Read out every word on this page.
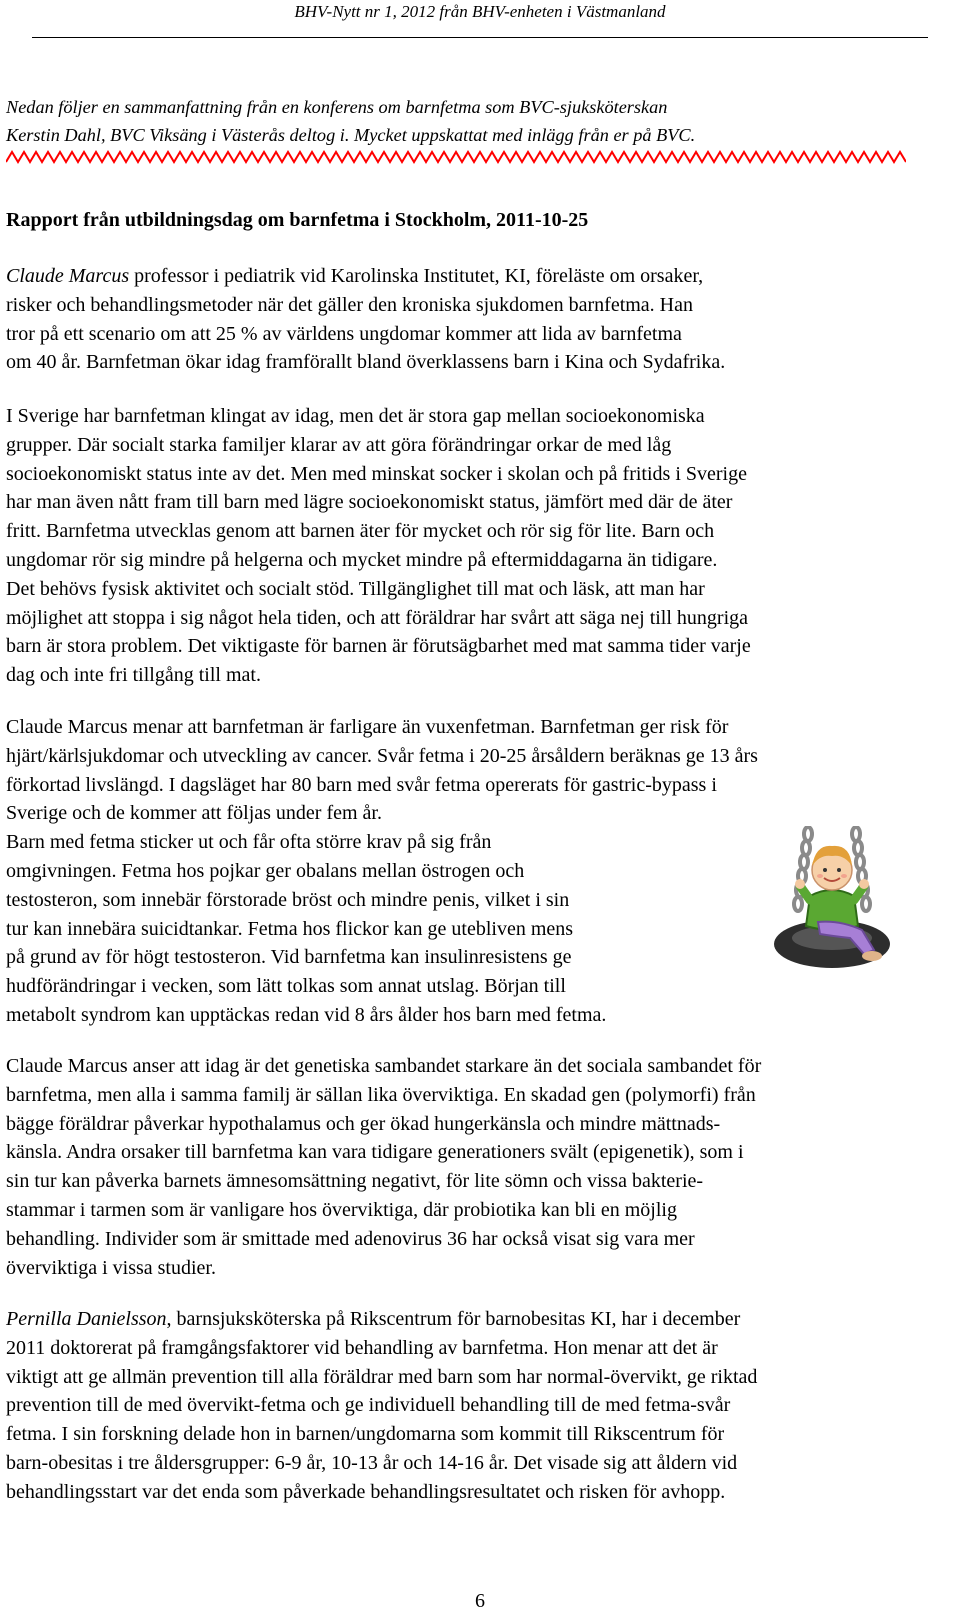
BHV-Nytt nr 1, 2012 från BHV-enheten i Västmanland

Nedan följer en sammanfattning från en konferens om barnfetma som BVC-sjuksköterskan
Kerstin Dahl, BVC Viksäng i Västerås deltog i. Mycket uppskattat med inlägg från er på BVC.

Rapport från utbildningsdag om barnfetma i Stockholm, 2011-10-25

Claude Marcus professor i pediatrik vid Karolinska Institutet, KI, föreläste om orsaker,
risker och behandlingsmetoder när det gäller den kroniska sjukdomen barnfetma. Han
tror på ett scenario om att 25 % av världens ungdomar kommer att lida av barnfetma
om 40 år. Barnfetman ökar idag framförallt bland överklassens barn i Kina och Sydafrika.

I Sverige har barnfetman klingat av idag, men det är stora gap mellan socioekonomiska
grupper. Där socialt starka familjer klarar av att göra förändringar orkar de med låg
socioekonomiskt status inte av det. Men med minskat socker i skolan och på fritids i Sverige
har man även nått fram till barn med lägre socioekonomiskt status, jämfört med där de äter
fritt. Barnfetma utvecklas genom att barnen äter för mycket och rör sig för lite. Barn och
ungdomar rör sig mindre på helgerna och mycket mindre på eftermiddagarna än tidigare.
Det behövs fysisk aktivitet och socialt stöd. Tillgänglighet till mat och läsk, att man har
möjlighet att stoppa i sig något hela tiden, och att föräldrar har svårt att säga nej till hungriga
barn är stora problem. Det viktigaste för barnen är förutsägbarhet med mat samma tider varje
dag och inte fri tillgång till mat.

Claude Marcus menar att barnfetman är farligare än vuxenfetman. Barnfetman ger risk för
hjärt/kärlsjukdomar och utveckling av cancer. Svår fetma i 20-25 årsåldern beräknas ge 13 års
förkortad livslängd. I dagsläget har 80 barn med svår fetma opererats för gastric-bypass i
Sverige och de kommer att följas under fem år.
Barn med fetma sticker ut och får ofta större krav på sig från
omgivningen. Fetma hos pojkar ger obalans mellan östrogen och
testosteron, som innebär förstorade bröst och mindre penis, vilket i sin
tur kan innebära suicidtankar. Fetma hos flickor kan ge utebliven mens
på grund av för högt testosteron. Vid barnfetma kan insulinresistens ge
hudförändringar i vecken, som lätt tolkas som annat utslag. Början till
metabolt syndrom kan upptäckas redan vid 8 års ålder hos barn med fetma.

Claude Marcus anser att idag är det genetiska sambandet starkare än det sociala sambandet för
barnfetma, men alla i samma familj är sällan lika överviktiga. En skadad gen (polymorfi) från
bägge föräldrar påverkar hypothalamus och ger ökad hungerkänsla och mindre mättnads-
känsla. Andra orsaker till barnfetma kan vara tidigare generationers svält (epigenetik), som i
sin tur kan påverka barnets ämnesomsättning negativt, för lite sömn och vissa bakterie-
stammar i tarmen som är vanligare hos överviktiga, där probiotika kan bli en möjlig
behandling. Individer som är smittade med adenovirus 36 har också visat sig vara mer
överviktiga i vissa studier.

Pernilla Danielsson, barnsjuksköterska på Rikscentrum för barnobesitas KI, har i december
2011 doktorerat på framgångsfaktorer vid behandling av barnfetma. Hon menar att det är
viktigt att ge allmän prevention till alla föräldrar med barn som har normal-övervikt, ge riktad
prevention till de med övervikt-fetma och ge individuell behandling till de med fetma-svår
fetma. I sin forskning delade hon in barnen/ungdomarna som kommit till Rikscentrum för
barn-obesitas i tre åldersgrupper: 6-9 år, 10-13 år och 14-16 år. Det visade sig att åldern vid
behandlingsstart var det enda som påverkade behandlingsresultatet och risken för avhopp.

6
